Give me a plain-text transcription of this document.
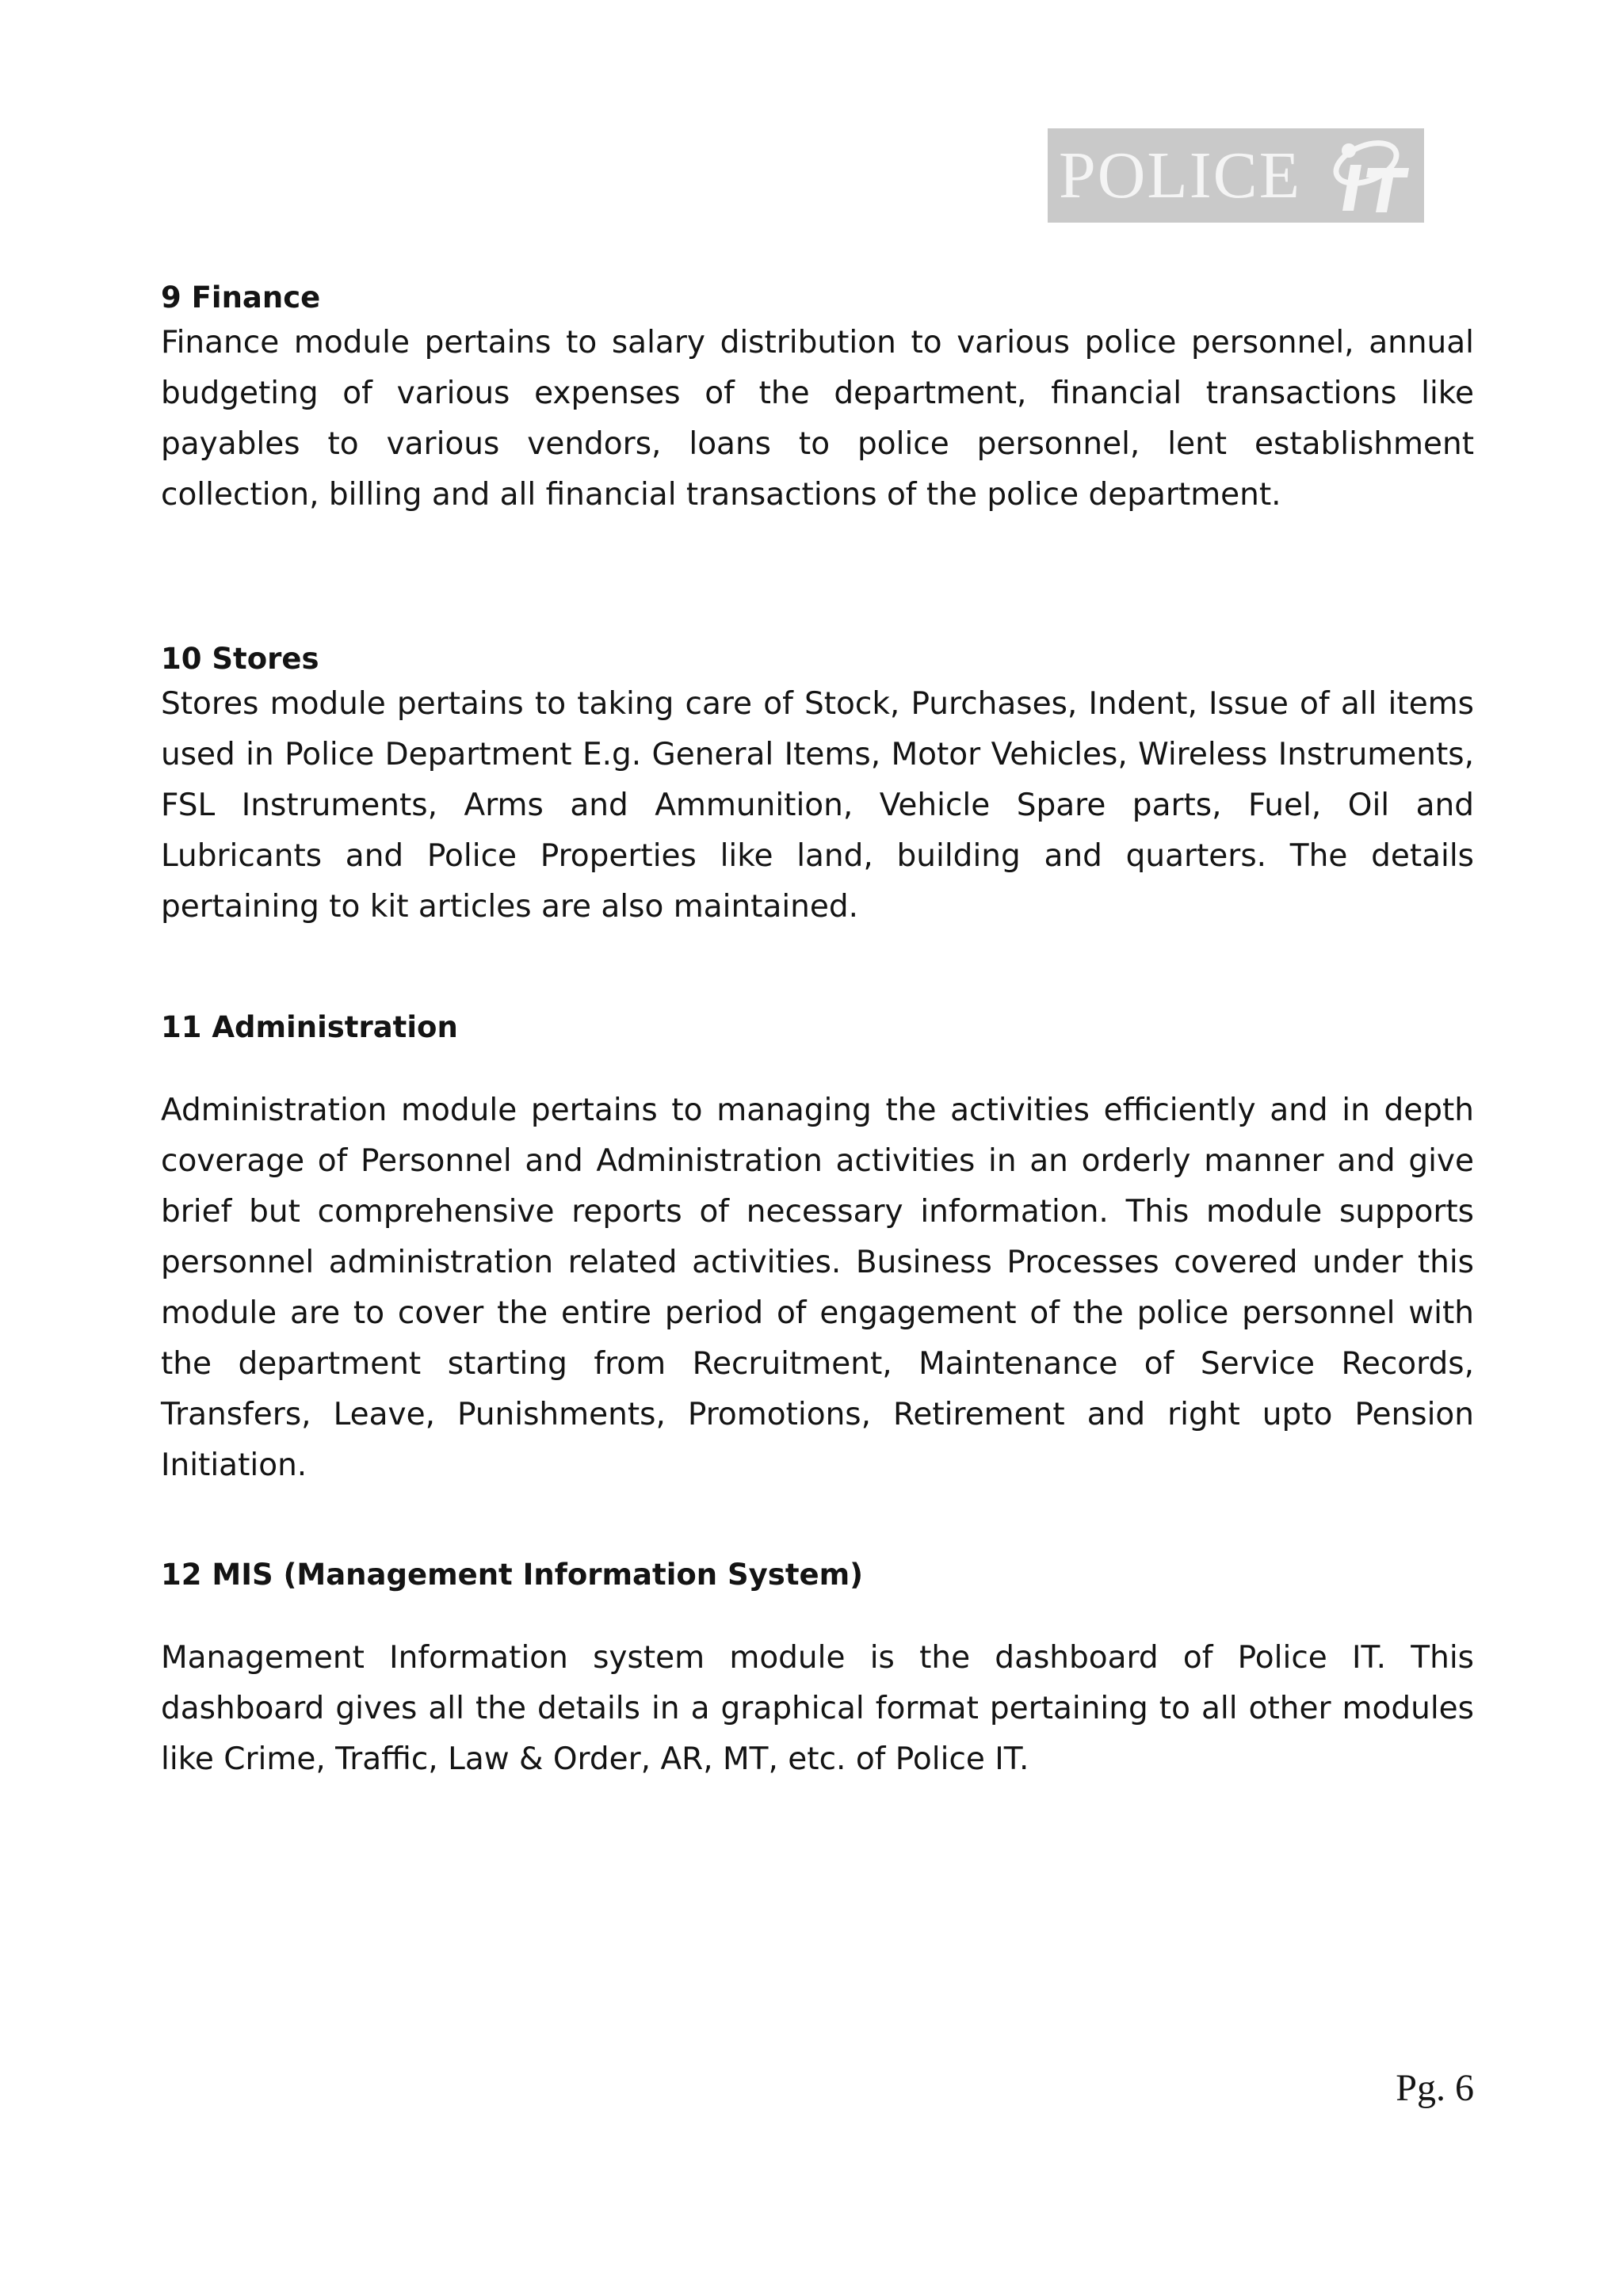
POLICE
9 Finance

Finance module pertains to salary distribution to various police personnel, annual budgeting of various expenses of the department, financial transactions like payables to various vendors, loans to police personnel, lent establishment collection, billing and all financial transactions of the police department.

10 Stores

Stores module pertains to taking care of Stock, Purchases, Indent, Issue of all items used in Police Department E.g. General Items, Motor Vehicles, Wireless Instruments, FSL Instruments, Arms and Ammunition, Vehicle Spare parts, Fuel, Oil and Lubricants and Police Properties like land, building and quarters. The details pertaining to kit articles are also maintained.

11 Administration

Administration module pertains to managing the activities efficiently and in depth coverage of Personnel and Administration activities in an orderly manner and give brief but comprehensive reports of necessary information. This module supports personnel administration related activities. Business Processes covered under this module are to cover the entire period of engagement of the police personnel with the department starting from Recruitment, Maintenance of Service Records, Transfers, Leave, Punishments, Promotions, Retirement and right upto Pension Initiation.

12 MIS (Management Information System)

Management Information system module is the dashboard of Police IT. This dashboard gives all the details in a graphical format pertaining to all other modules like Crime, Traffic, Law & Order, AR, MT, etc. of Police IT.

Pg. 6
